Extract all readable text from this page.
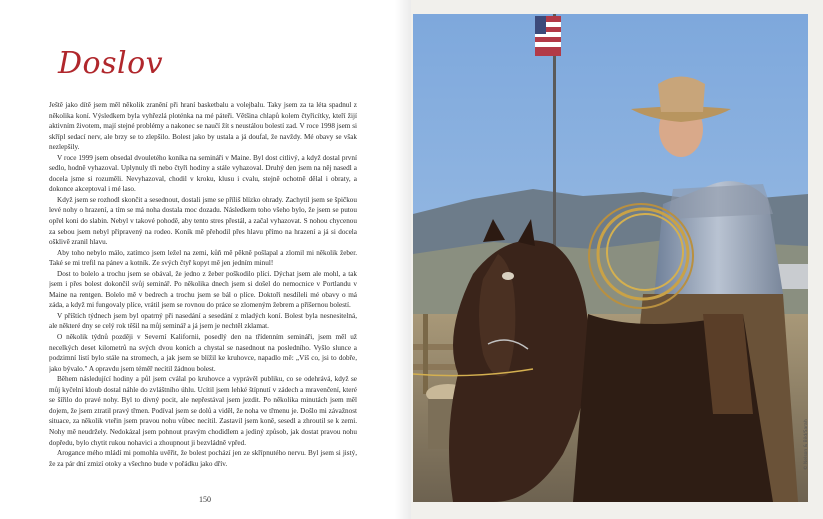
Doslov

Ještě jako dítě jsem měl několik zranění při hraní basketbalu a volejbalu. Taky jsem za ta léta spadnul z několika koní. Výsledkem byla vyhřezlá ploténka na mé páteři. Většina chlapů kolem čtyřicítky, kteří žijí aktivním životem, mají stejné problémy a nakonec se naučí žít s neustálou bolestí zad. V roce 1998 jsem si skřípl sedací nerv, ale brzy se to zlepšilo. Bolest jako by ustala a já doufal, že navždy. Mé obavy se však nezlepšily.

V roce 1999 jsem obsedal dvouletého koníka na semináři v Maine. Byl dost citlivý, a když dostal první sedlo, hodně vyhazoval. Uplynuly tři nebo čtyři hodiny a stále vyhazoval. Druhý den jsem na něj nasedl a docela jsme si rozuměli. Nevyhazoval, chodil v kroku, klusu i cvalu, stejně ochotně dělal i obraty, a dokonce akceptoval i mé laso.

Když jsem se rozhodl skončit a sesednout, dostali jsme se příliš blízko ohrady. Zachytil jsem se špičkou levé nohy o hrazení, a tím se má noha dostala moc dozadu. Následkem toho všeho bylo, že jsem se putou opřel koni do slabin. Nebyl v takové pohodě, aby tento stres přestál, a začal vyhazovat. S nohou chycenou za sebou jsem nebyl připravený na rodeo. Koník mě přehodil přes hlavu přímo na hrazení a já si docela ošklivě zranil hlavu.

Aby toho nebylo málo, zatímco jsem ležel na zemi, kůň mě pěkně pošlapal a zlomil mi několik žeber. Také se mi trefil na pánev a kotník. Ze svých čtyř kopyt mě jen jedním minul!

Dost to bolelo a trochu jsem se obával, že jedno z žeber poškodilo plíci. Dýchat jsem ale mohl, a tak jsem i přes bolest dokončil svůj seminář. Po několika dnech jsem si došel do nemocnice v Portlandu v Maine na rentgen. Bolelo mě v bedrech a trochu jsem se bál o plíce. Doktoři nesdíleli mé obavy o má záda, a když mi fungovaly plíce, vrátil jsem se rovnou do práce se zlomeným žebrem a příšernou bolestí.

V příštích týdnech jsem byl opatrný při nasedání a sesedání z mladých koní. Bolest byla nesnesitelná, ale některé dny se celý rok těšil na můj seminář a já jsem je nechtěl zklamat.

O několik týdnů později v Severní Kalifornii, posedlý den na třídenním semináři, jsem měl už necelkých deset kilometrů na svých dvou koních a chystal se nasednout na posledního. Vyšlo slunce a podzimní listí bylo stále na stromech, a jak jsem se blížil ke kruhovce, napadlo mě: „Víš co, jsi to dobře, jako bývalo." A opravdu jsem téměř necítil žádnou bolest.

Během následující hodiny a půl jsem cválal po kruhovce a vyprávěl publiku, co se odehrává, když se můj kyčelní kloub dostal náhle do zvláštního úhlu. Ucítil jsem lehké štípnutí v zádech a mravenčení, které se šířilo do pravé nohy. Byl to divný pocit, ale nepřestával jsem jezdit. Po několika minutách jsem měl dojem, že jsem ztratil pravý třmen. Podíval jsem se dolů a viděl, že noha ve třmenu je. Došlo mi závažnost situace, za několik vteřin jsem pravou nohu vůbec necítil. Zastavil jsem koně, sesedl a zhroutil se k zemi. Nohy mě neudržely. Nedokázal jsem pohnout pravým chodidlem a jediný způsob, jak dostat pravou nohu dopředu, bylo chytit rukou nohavici a zhoupnout ji bezvládně vpřed.

Arogance mého mládí mi pomohla uvěřit, že bolest pochází jen ze skřípnutého nervu. Byl jsem si jistý, že za pár dní zmizí otoky a všechno bude v pořádku jako dřív.

150
© Nelson & Bild/Sarah
